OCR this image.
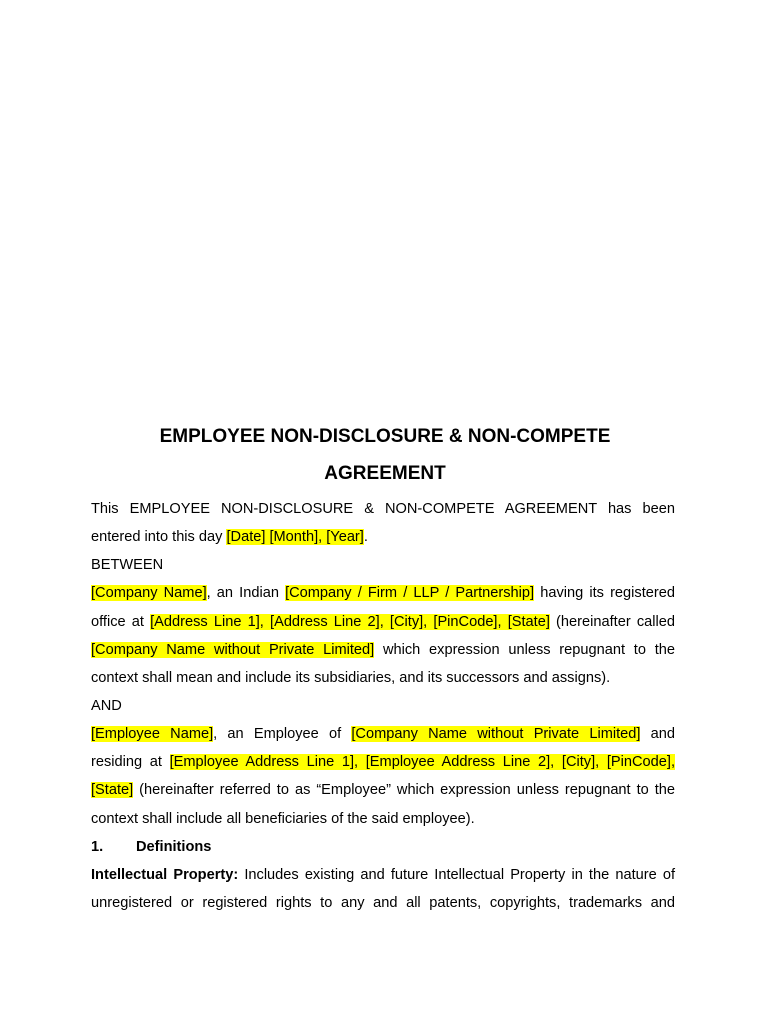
EMPLOYEE NON-DISCLOSURE & NON-COMPETE
AGREEMENT
This EMPLOYEE NON-DISCLOSURE & NON-COMPETE AGREEMENT has been
entered into this day [Date] [Month], [Year].
BETWEEN
[Company Name], an Indian [Company / Firm / LLP / Partnership] having its registered
office at [Address Line 1], [Address Line 2], [City], [PinCode], [State] (hereinafter called
[Company Name without Private Limited] which expression unless repugnant to the
context shall mean and include its subsidiaries, and its successors and assigns).
AND
[Employee Name], an Employee of [Company Name without Private Limited] and
residing at [Employee Address Line 1], [Employee Address Line 2], [City], [PinCode],
[State] (hereinafter referred to as “Employee” which expression unless repugnant to the
context shall include all beneficiaries of the said employee).
1. Definitions
Intellectual Property: Includes existing and future Intellectual Property in the nature of
unregistered or registered rights to any and all patents, copyrights, trademarks and
